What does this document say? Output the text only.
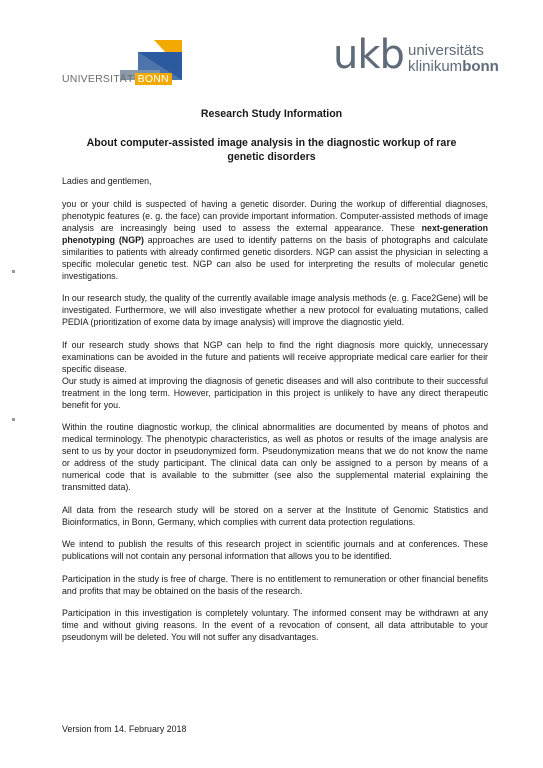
UNIVERSITÄT BONN
ukb universitäts
klinikumbonn
Research Study Information
About computer-assisted image analysis in the diagnostic workup of rare genetic disorders

Ladies and gentlemen,

you or your child is suspected of having a genetic disorder. During the workup of differential diagnoses, phenotypic features (e. g. the face) can provide important information. Computer-assisted methods of image analysis are increasingly being used to assess the external appearance. These next-generation phenotyping (NGP) approaches are used to identify patterns on the basis of photographs and calculate similarities to patients with already confirmed genetic disorders. NGP can assist the physician in selecting a specific molecular genetic test. NGP can also be used for interpreting the results of molecular genetic investigations.

In our research study, the quality of the currently available image analysis methods (e. g. Face2Gene) will be investigated. Furthermore, we will also investigate whether a new protocol for evaluating mutations, called PEDIA (prioritization of exome data by image analysis) will improve the diagnostic yield.

If our research study shows that NGP can help to find the right diagnosis more quickly, unnecessary examinations can be avoided in the future and patients will receive appropriate medical care earlier for their specific disease.

Our study is aimed at improving the diagnosis of genetic diseases and will also contribute to their successful treatment in the long term. However, participation in this project is unlikely to have any direct therapeutic benefit for you.

Within the routine diagnostic workup, the clinical abnormalities are documented by means of photos and medical terminology. The phenotypic characteristics, as well as photos or results of the image analysis are sent to us by your doctor in pseudonymized form. Pseudonymization means that we do not know the name or address of the study participant. The clinical data can only be assigned to a person by means of a numerical code that is available to the submitter (see also the supplemental material explaining the transmitted data).

All data from the research study will be stored on a server at the Institute of Genomic Statistics and Bioinformatics, in Bonn, Germany, which complies with current data protection regulations.

We intend to publish the results of this research project in scientific journals and at conferences. These publications will not contain any personal information that allows you to be identified.

Participation in the study is free of charge. There is no entitlement to remuneration or other financial benefits and profits that may be obtained on the basis of the research.

Participation in this investigation is completely voluntary. The informed consent may be withdrawn at any time and without giving reasons. In the event of a revocation of consent, all data attributable to your pseudonym will be deleted. You will not suffer any disadvantages.

Version from 14. February 2018
